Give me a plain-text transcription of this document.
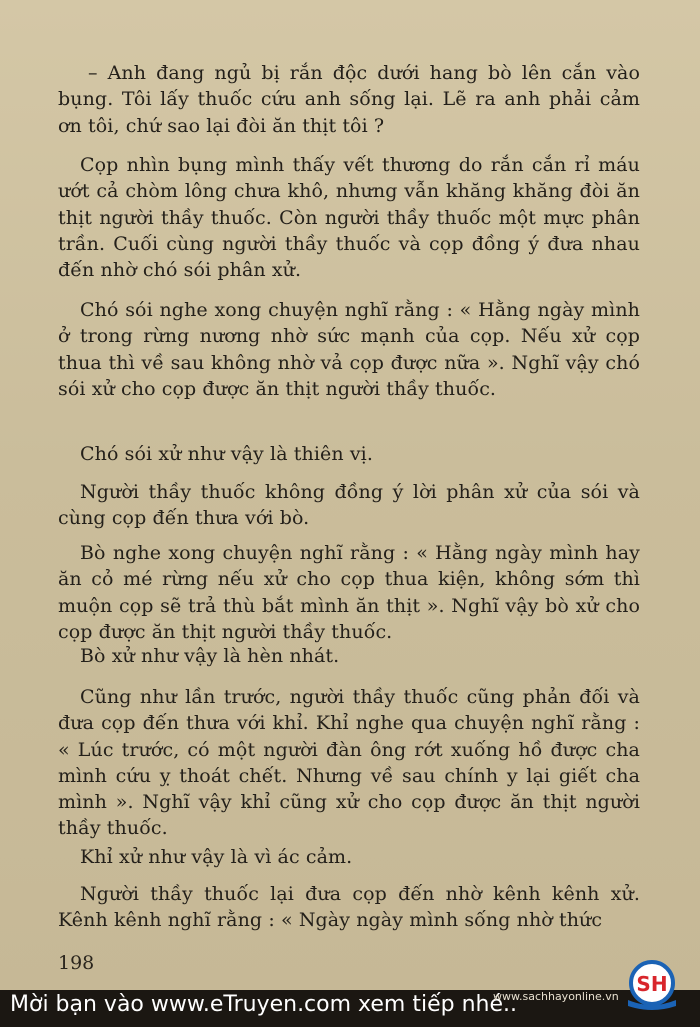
– Anh đang ngủ bị rắn độc dưới hang bò lên cắn vào bụng. Tôi lấy thuốc cứu anh sống lại. Lẽ ra anh phải cảm ơn tôi, chứ sao lại đòi ăn thịt tôi ?

Cọp nhìn bụng mình thấy vết thương do rắn cắn rỉ máu ướt cả chòm lông chưa khô, nhưng vẫn khăng khăng đòi ăn thịt người thầy thuốc. Còn người thầy thuốc một mực phân trần. Cuối cùng người thầy thuốc và cọp đồng ý đưa nhau đến nhờ chó sói phân xử.

Chó sói nghe xong chuyện nghĩ rằng : « Hằng ngày mình ở trong rừng nương nhờ sức mạnh của cọp. Nếu xử cọp thua thì về sau không nhờ vả cọp được nữa ». Nghĩ vậy chó sói xử cho cọp được ăn thịt người thầy thuốc.

Chó sói xử như vậy là thiên vị.

Người thầy thuốc không đồng ý lời phân xử của sói và cùng cọp đến thưa với bò.

Bò nghe xong chuyện nghĩ rằng : « Hằng ngày mình hay ăn cỏ mé rừng nếu xử cho cọp thua kiện, không sớm thì muộn cọp sẽ trả thù bắt mình ăn thịt ». Nghĩ vậy bò xử cho cọp được ăn thịt người thầy thuốc.

Bò xử như vậy là hèn nhát.

Cũng như lần trước, người thầy thuốc cũng phản đối và đưa cọp đến thưa với khỉ. Khỉ nghe qua chuyện nghĩ rằng : « Lúc trước, có một người đàn ông rớt xuống hồ được cha mình cứu ỵ thoát chết. Nhưng về sau chính y lại giết cha mình ». Nghĩ vậy khỉ cũng xử cho cọp được ăn thịt người thầy thuốc.

Khỉ xử như vậy là vì ác cảm.

Người thầy thuốc lại đưa cọp đến nhờ kênh kênh xử. Kênh kênh nghĩ rằng : « Ngày ngày mình sống nhờ thức

198
Mời bạn vào www.eTruyen.com xem tiếp nhé..
www.sachhayonline.vn
SH
